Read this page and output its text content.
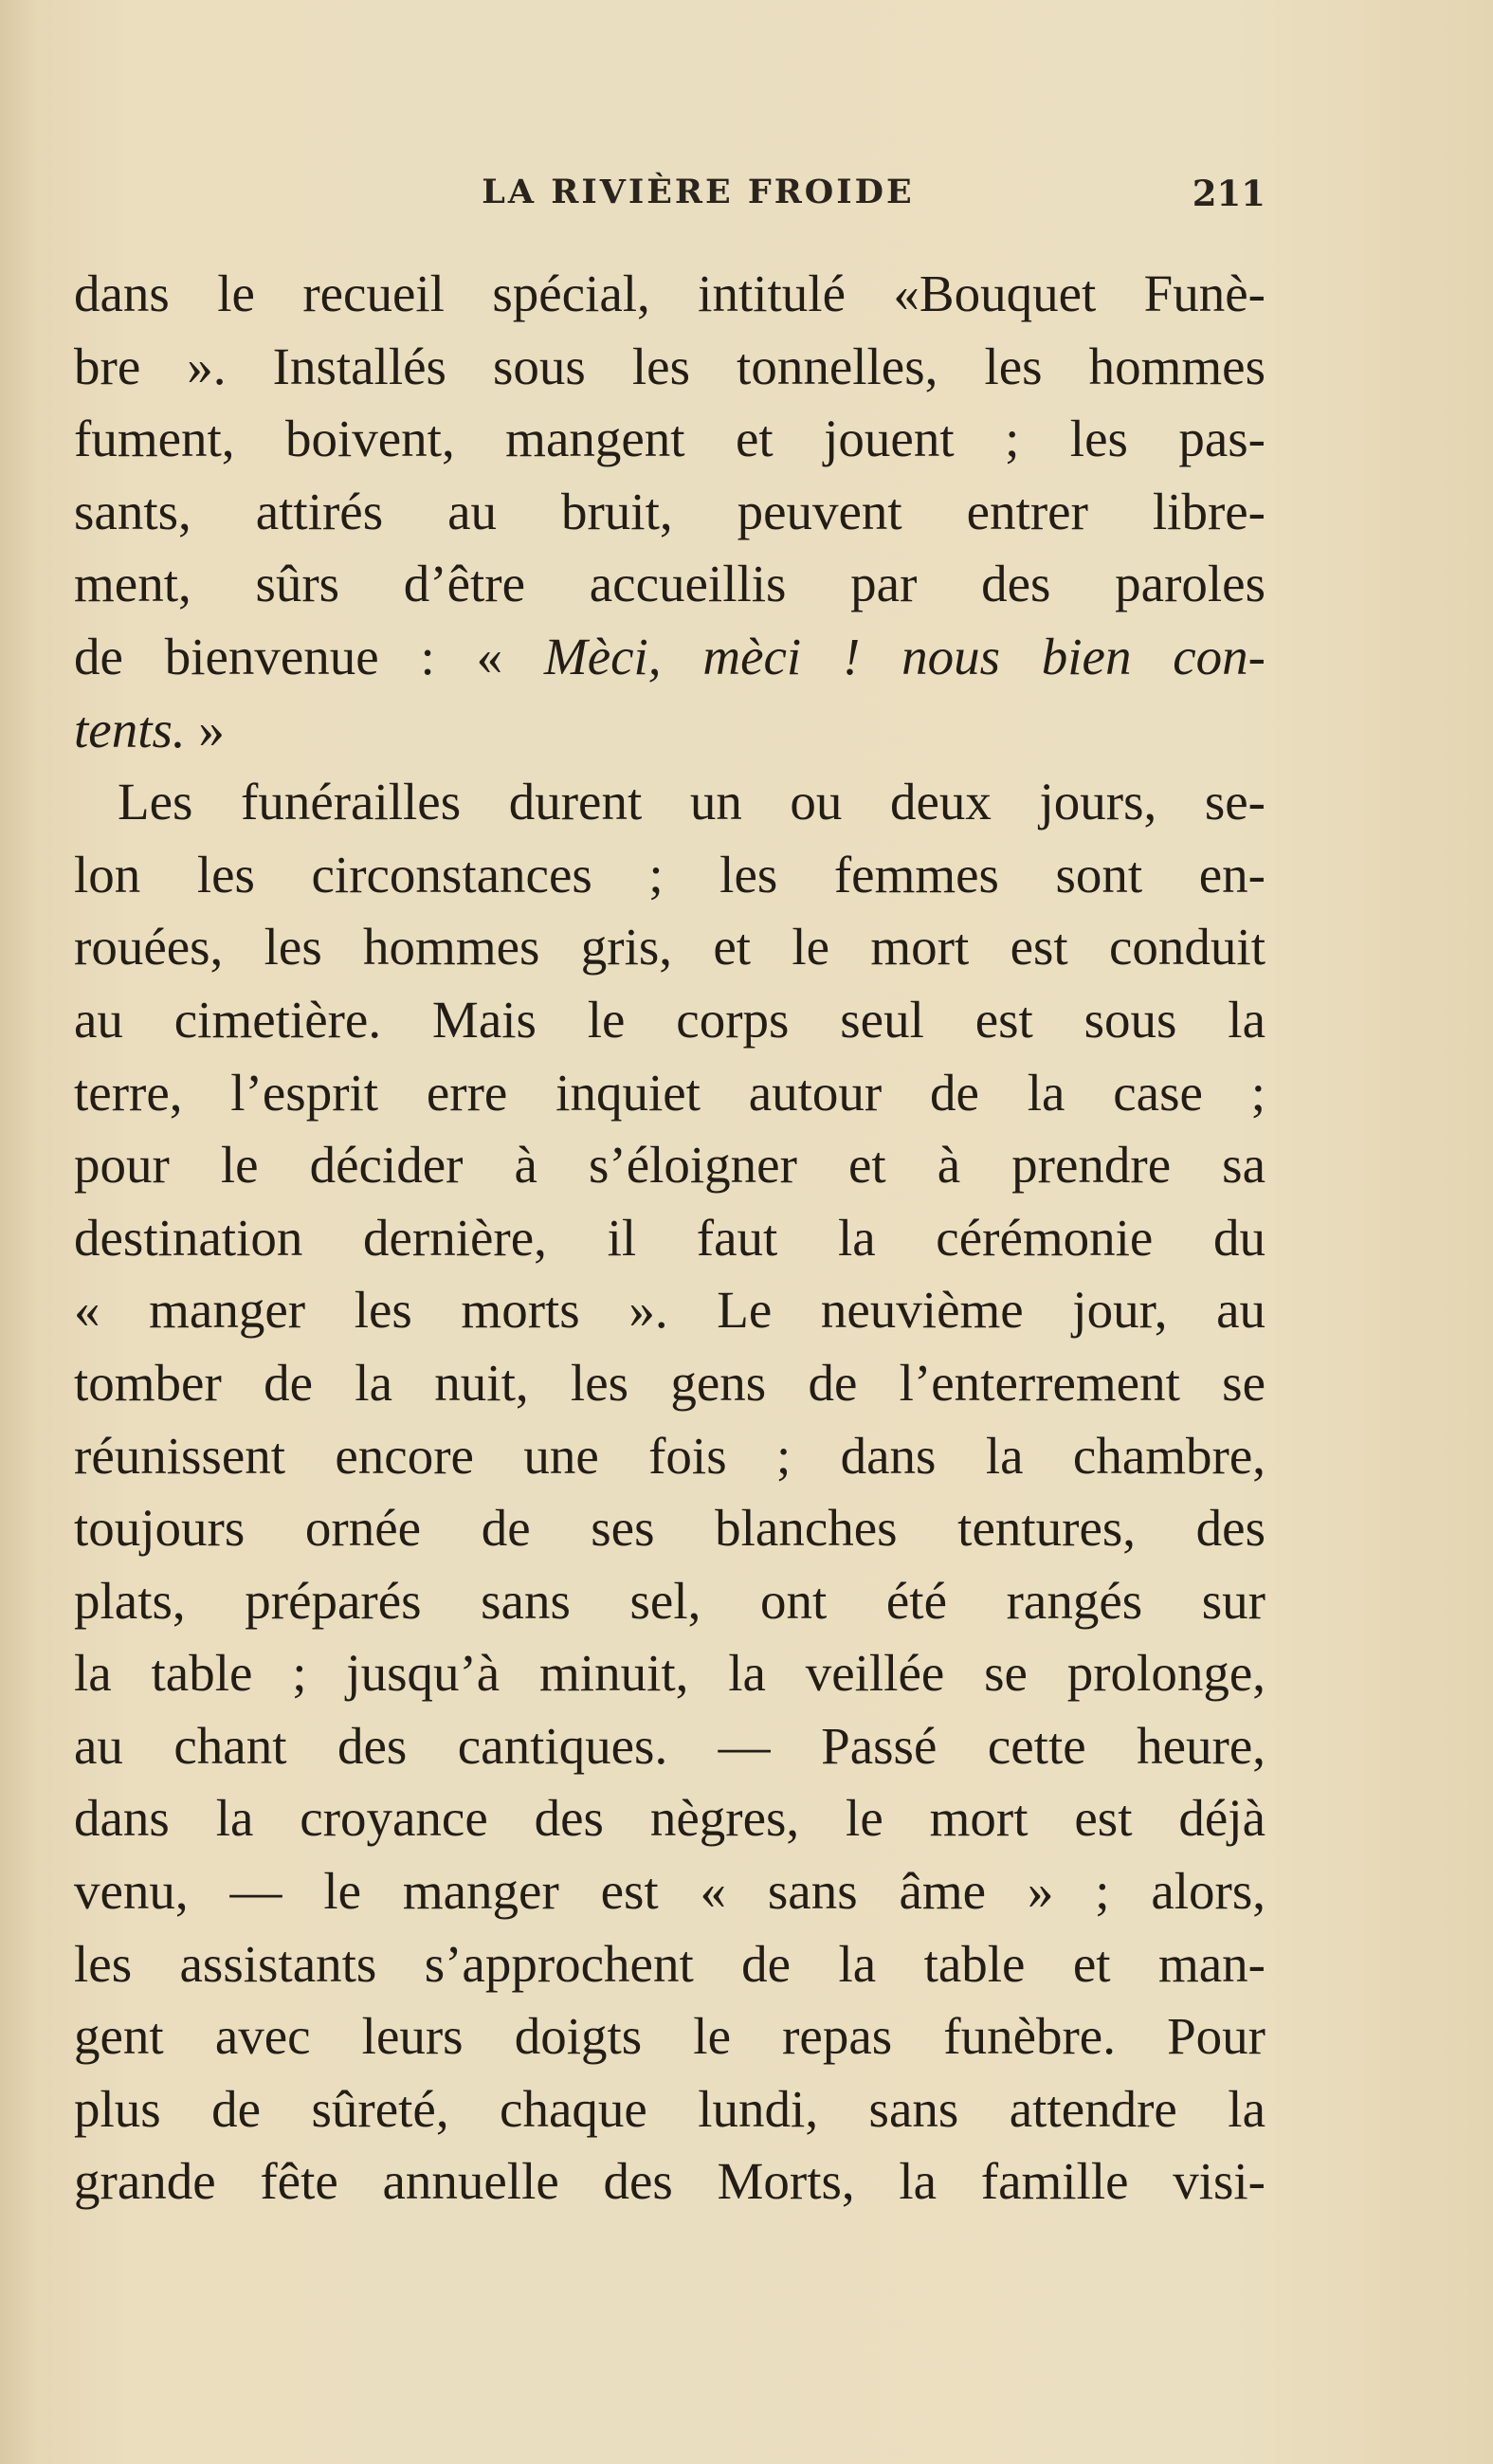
LA RIVIÈRE FROIDE	211
dans le recueil spécial, intitulé «Bouquet Funè-
bre ». Installés sous les tonnelles, les hommes
fument, boivent, mangent et jouent ; les pas-
sants, attirés au bruit, peuvent entrer libre-
ment, sûrs d’être accueillis par des paroles
de bienvenue : « Mèci, mèci ! nous bien con-
tents. »
Les funérailles durent un ou deux jours, se-
lon les circonstances ; les femmes sont en-
rouées, les hommes gris, et le mort est conduit
au cimetière. Mais le corps seul est sous la
terre, l’esprit erre inquiet autour de la case ;
pour le décider à s’éloigner et à prendre sa
destination dernière, il faut la cérémonie du
« manger les morts ». Le neuvième jour, au
tomber de la nuit, les gens de l’enterrement se
réunissent encore une fois ; dans la chambre,
toujours ornée de ses blanches tentures, des
plats, préparés sans sel, ont été rangés sur
la table ; jusqu’à minuit, la veillée se prolonge,
au chant des cantiques. — Passé cette heure,
dans la croyance des nègres, le mort est déjà
venu, — le manger est « sans âme » ; alors,
les assistants s’approchent de la table et man-
gent avec leurs doigts le repas funèbre. Pour
plus de sûreté, chaque lundi, sans attendre la
grande fête annuelle des Morts, la famille visi-
